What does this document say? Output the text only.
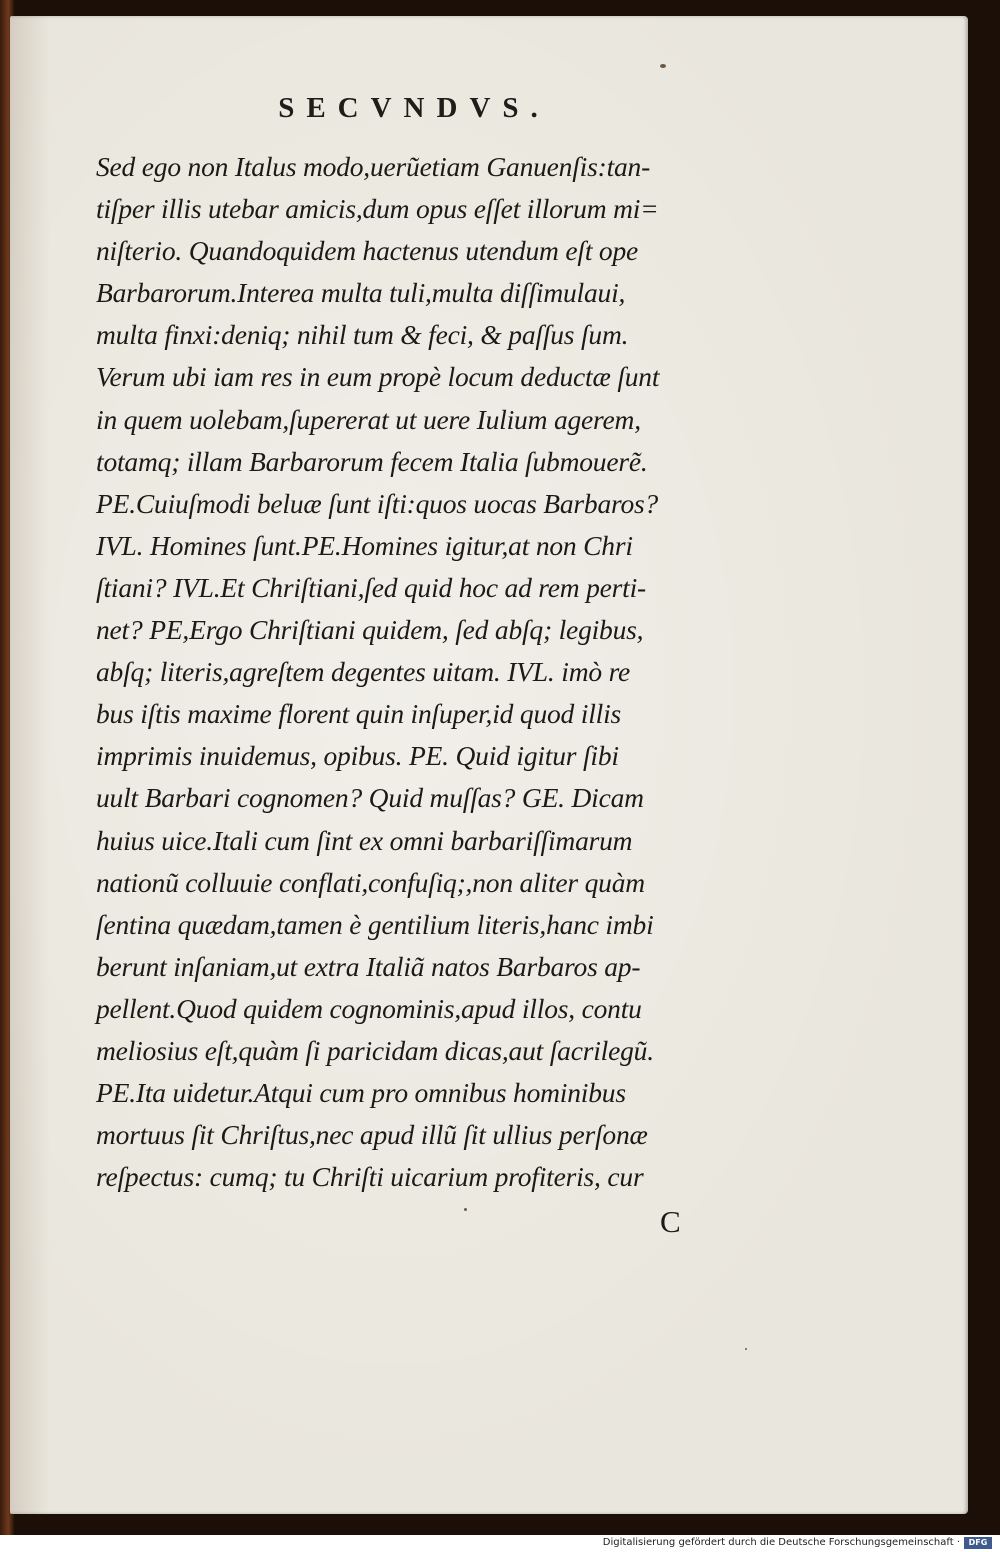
SECVNDVS.
Sed ego non Italus modo,uerũetiam Ganuenſis:tan-
tiſper illis utebar amicis,dum opus eſſet illorum mi=
niſterio. Quandoquidem hactenus utendum eſt ope
Barbarorum.Interea multa tuli,multa diſſimulaui,
multa finxi:deniq; nihil tum & feci, & paſſus ſum.
Verum ubi iam res in eum propè locum deductæ ſunt
in quem uolebam,ſupererat ut uere Iulium agerem,
totamq; illam Barbarorum fecem Italia ſubmouerẽ.
PE.Cuiuſmodi beluæ ſunt iſti:quos uocas Barbaros?
IVL. Homines ſunt.PE.Homines igitur,at non Chri
ſtiani? IVL.Et Chriſtiani,ſed quid hoc ad rem perti-
net? PE,Ergo Chriſtiani quidem, ſed abſq; legibus,
abſq; literis,agreſtem degentes uitam. IVL. imò re
bus iſtis maxime florent quin inſuper,id quod illis
imprimis inuidemus, opibus. PE. Quid igitur ſibi
uult Barbari cognomen? Quid muſſas? GE. Dicam
huius uice.Itali cum ſint ex omni barbariſſimarum
nationũ colluuie conflati,confuſiq;,non aliter quàm
ſentina quædam,tamen è gentilium literis,hanc imbi
berunt inſaniam,ut extra Italiã natos Barbaros ap-
pellent.Quod quidem cognominis,apud illos, contu
meliosius eſt,quàm ſi paricidam dicas,aut ſacrilegũ.
PE.Ita uidetur.Atqui cum pro omnibus hominibus
mortuus ſit Chriſtus,nec apud illũ ſit ullius perſonæ
reſpectus: cumq; tu Chriſti uicarium profiteris, cur

C

Digitalisierung gefördert durch die Deutsche Forschungsgemeinschaft ·	DFG
